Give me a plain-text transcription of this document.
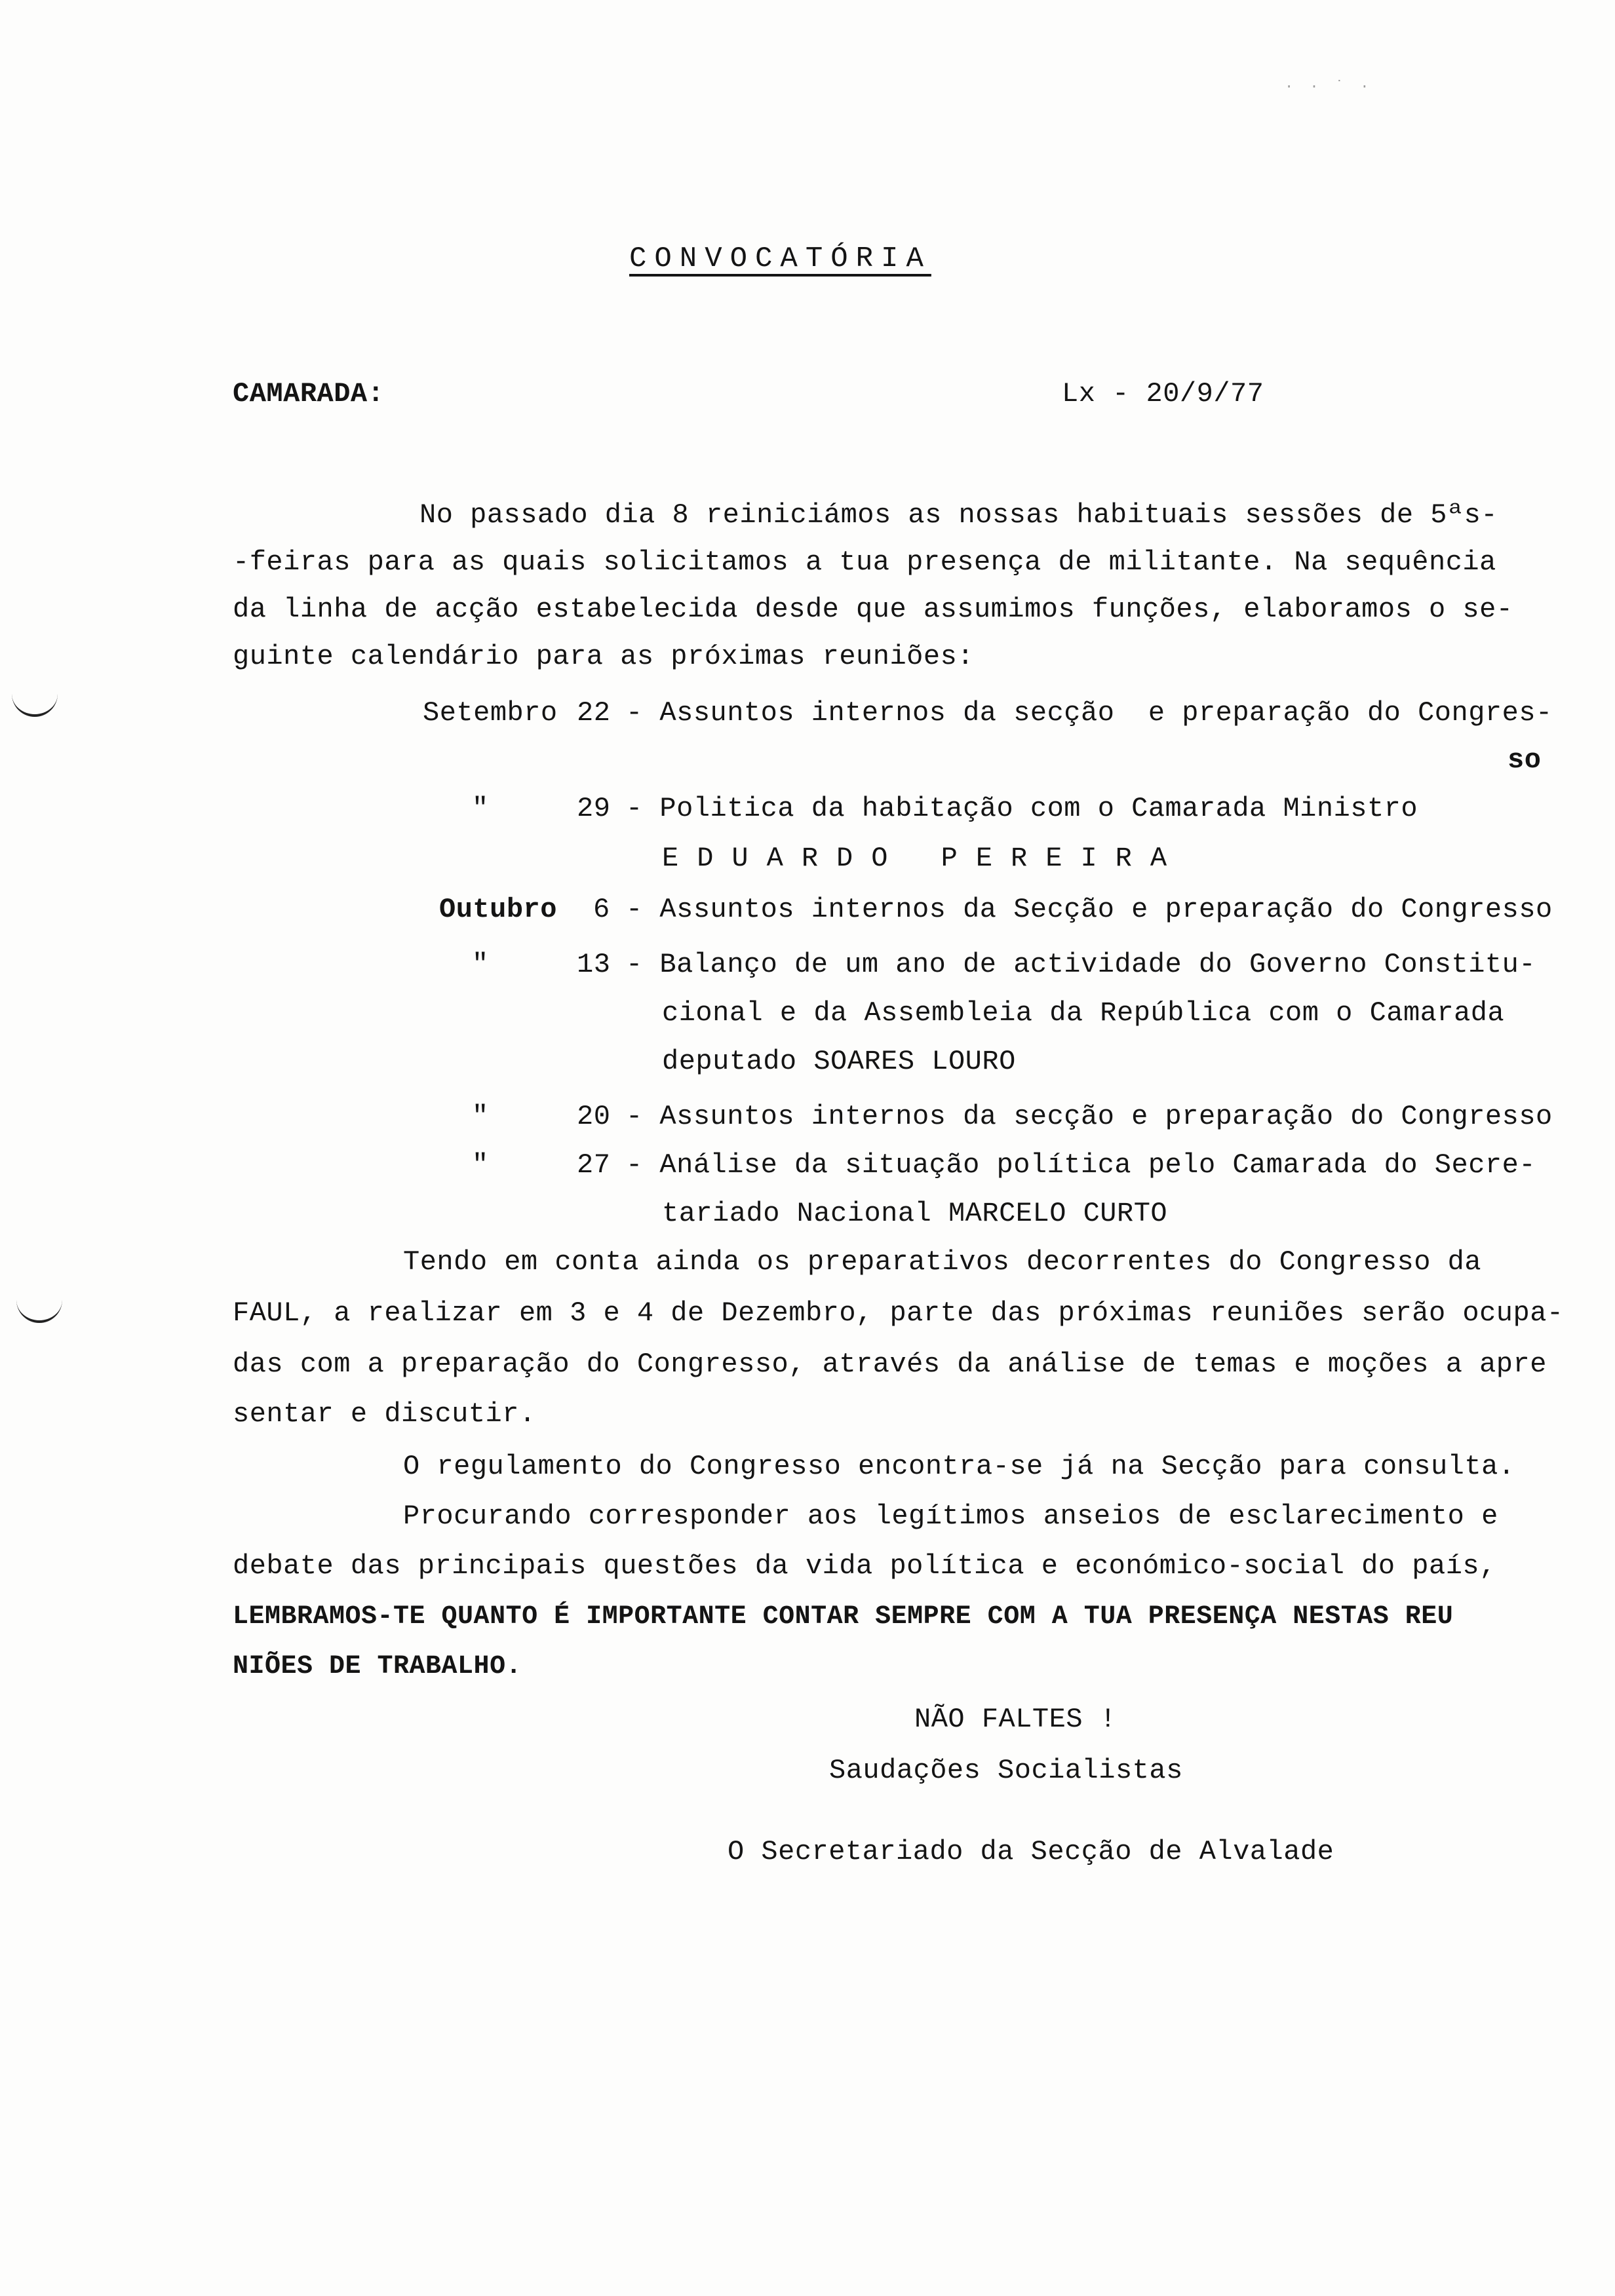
· · ˙ ·
CONVOCATÓRIA
CAMARADA:	Lx - 20/9/77
No passado dia 8 reiniciámos as nossas habituais sessões de 5ªs-
-feiras para as quais solicitamos a tua presença de militante. Na sequência
da linha de acção estabelecida desde que assumimos funções, elaboramos o se-
guinte calendário para as próximas reuniões:
Setembro 22 - Assuntos internos da secção  e preparação do Congres-
so
"	29 - Politica da habitação com o Camarada Ministro
EDUARDO PEREIRA
Outubro 6 - Assuntos internos da Secção e preparação do Congresso
"	13 - Balanço de um ano de actividade do Governo Constitu-
cional e da Assembleia da República com o Camarada
deputado SOARES LOURO
"	20 - Assuntos internos da secção e preparação do Congresso
"	27 - Análise da situação política pelo Camarada do Secre-
tariado Nacional MARCELO CURTO
Tendo em conta ainda os preparativos decorrentes do Congresso da
FAUL, a realizar em 3 e 4 de Dezembro, parte das próximas reuniões serão ocupa-
das com a preparação do Congresso, através da análise de temas e moções a apre
sentar e discutir.
O regulamento do Congresso encontra-se já na Secção para consulta.
Procurando corresponder aos legítimos anseios de esclarecimento e
debate das principais questões da vida política e económico-social do país,
LEMBRAMOS-TE QUANTO É IMPORTANTE CONTAR SEMPRE COM A TUA PRESENÇA NESTAS REU
NIÕES DE TRABALHO.
NÃO FALTES !
Saudações Socialistas
O Secretariado da Secção de Alvalade
